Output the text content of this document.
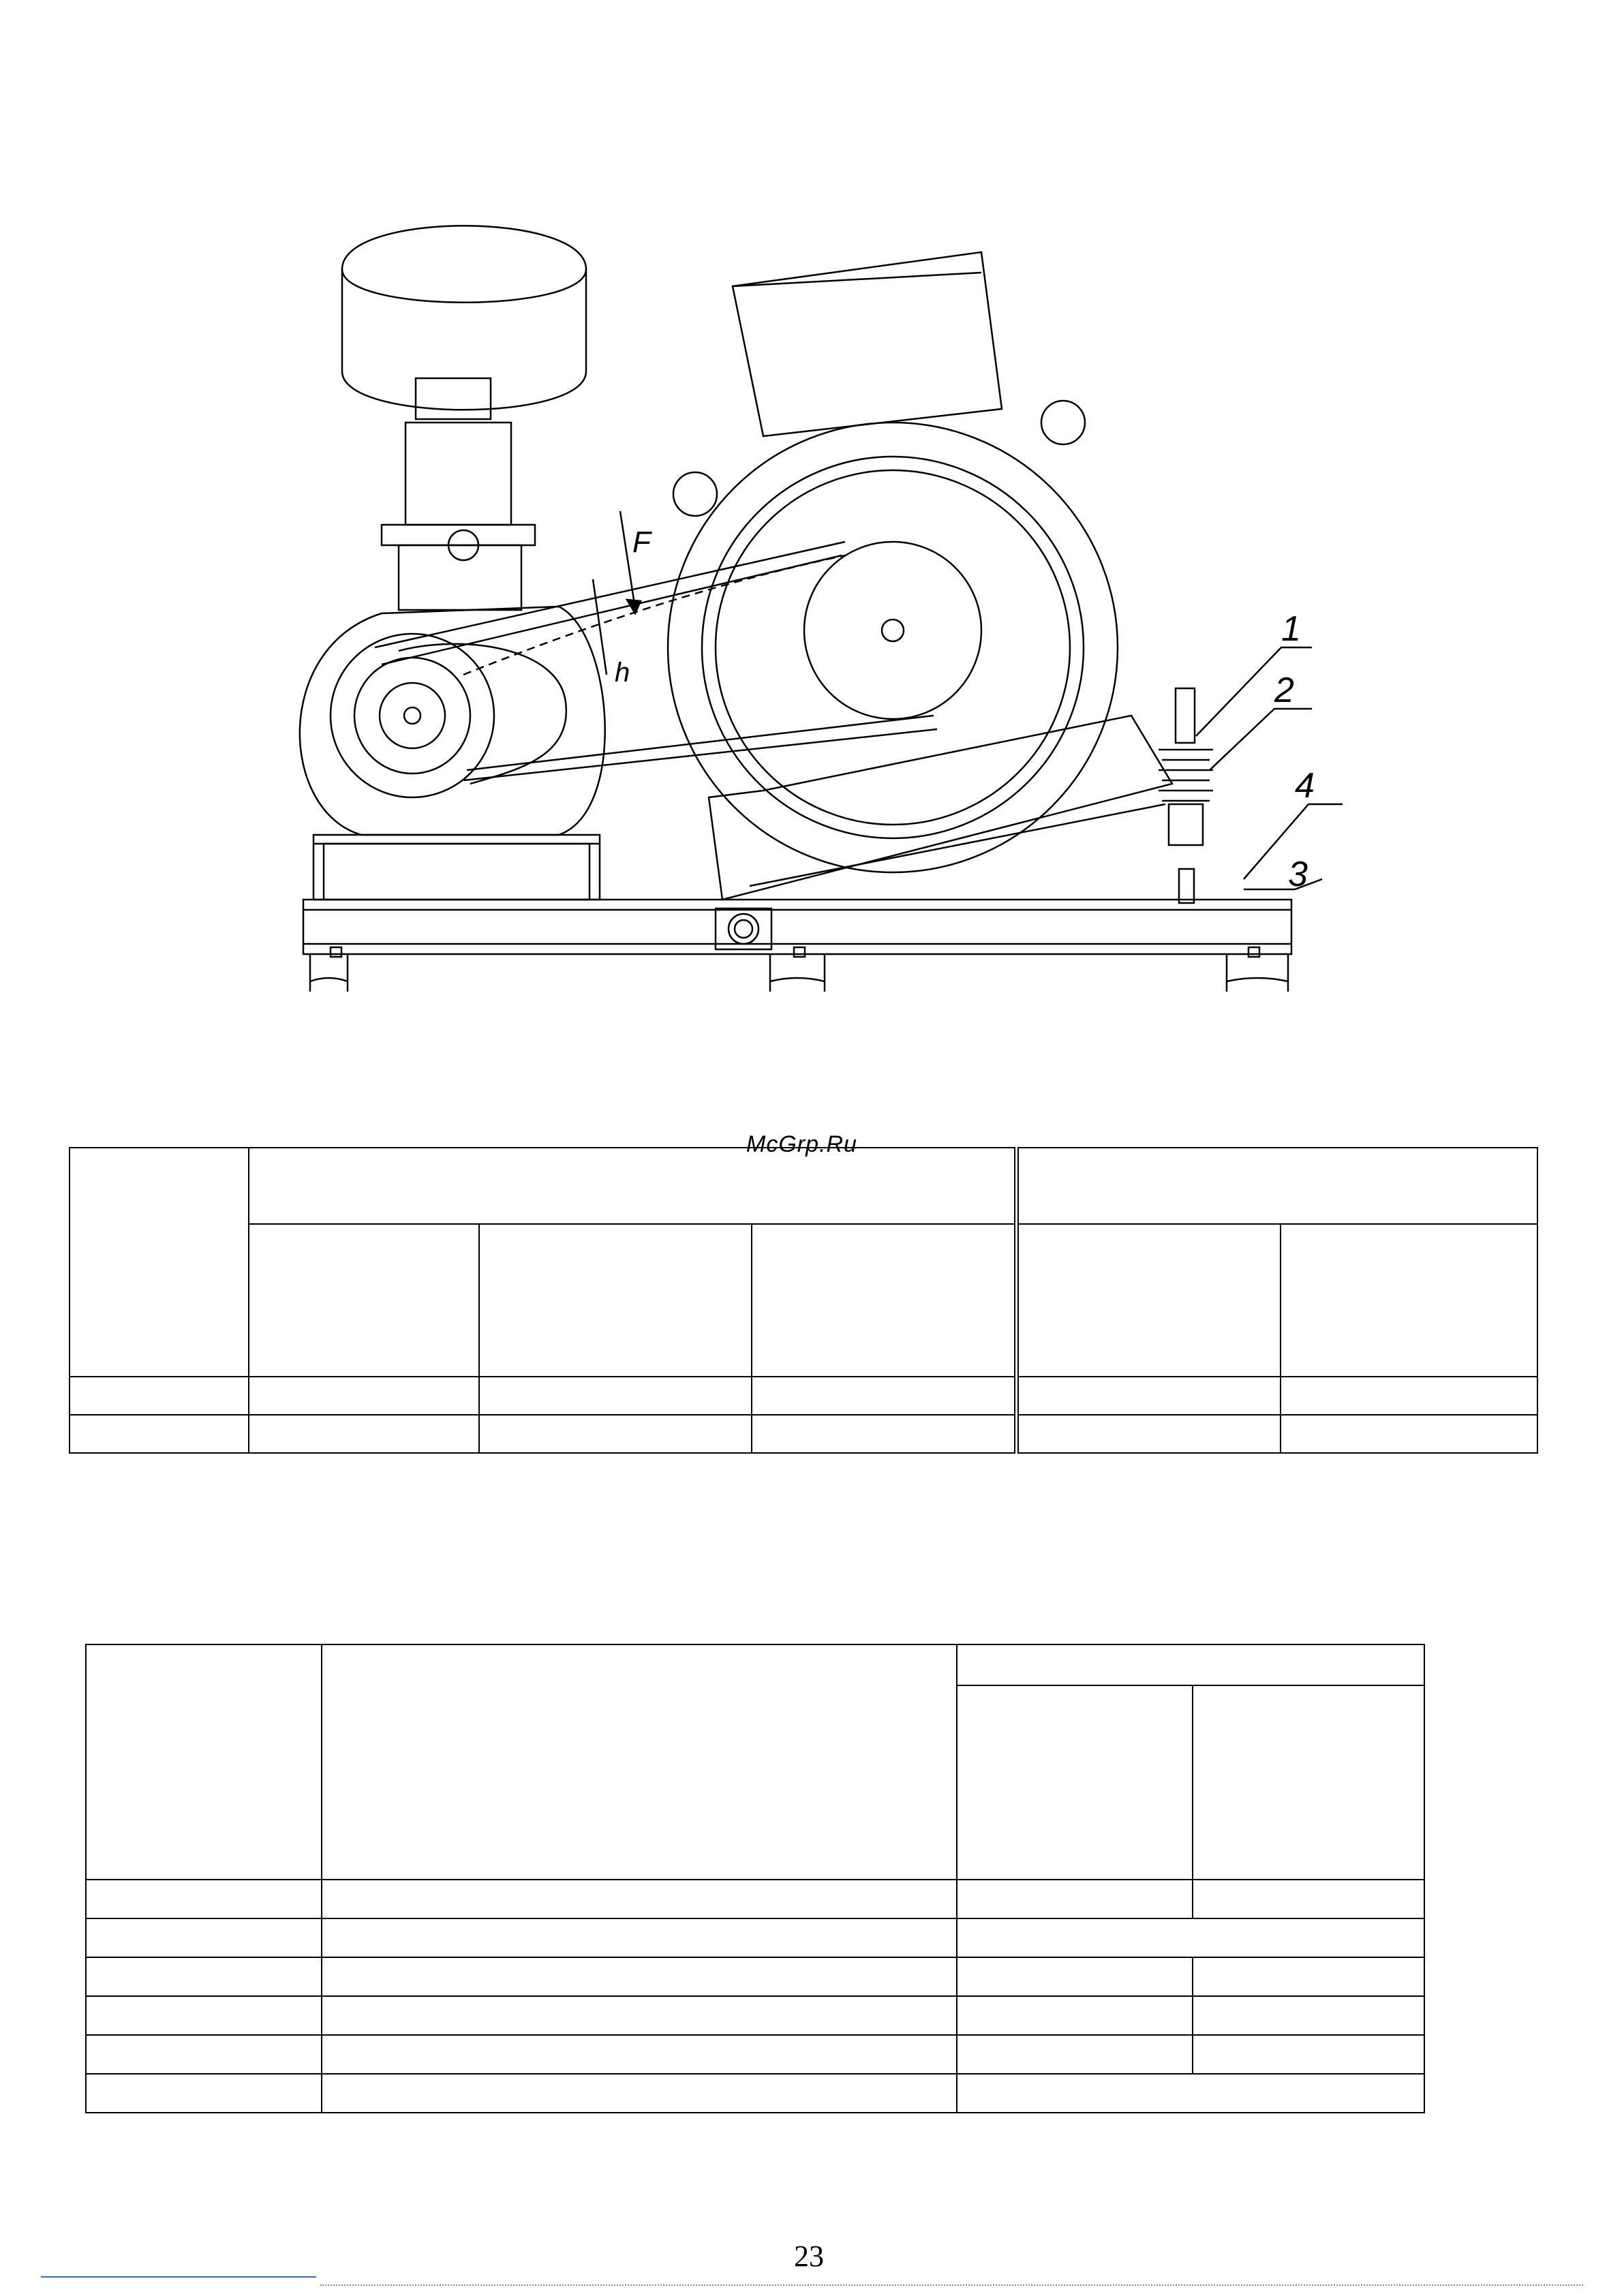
F
h
1
2
4
3
McGrp.Ru

23
